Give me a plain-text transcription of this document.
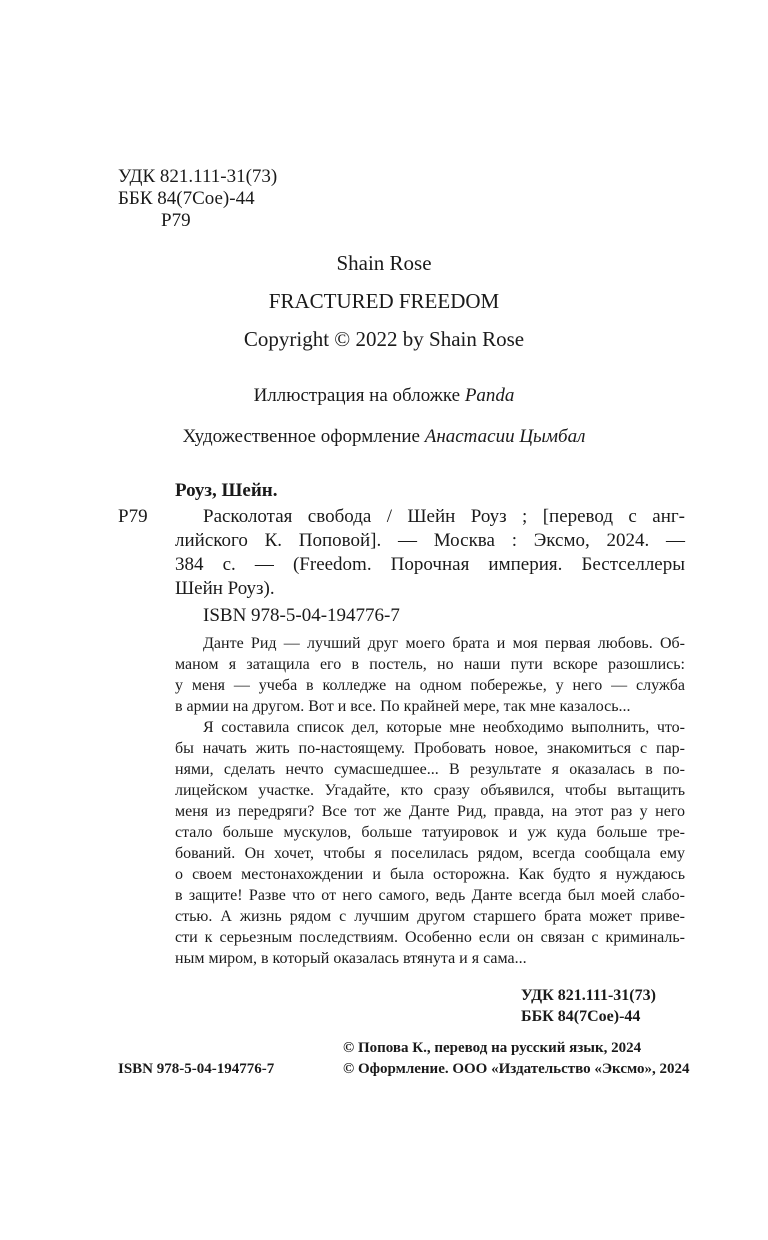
УДК 821.111-31(73)
ББК 84(7Сое)-44
Р79
Shain Rose
FRACTURED FREEDOM
Copyright © 2022 by Shain Rose
Иллюстрация на обложке Panda
Художественное оформление Анастасии Цымбал
Роуз, Шейн.
Р79	Расколотая свобода / Шейн Роуз ; [перевод с анг-
лийского К. Поповой]. — Москва : Эксмо, 2024. —
384 с. — (Freedom. Порочная империя. Бестселлеры
Шейн Роуз).
ISBN 978-5-04-194776-7
Данте Рид — лучший друг моего брата и моя первая любовь. Об-
маном я затащила его в постель, но наши пути вскоре разошлись:
у меня — учеба в колледже на одном побережье, у него — служба
в армии на другом. Вот и все. По крайней мере, так мне казалось...
Я составила список дел, которые мне необходимо выполнить, что-
бы начать жить по-настоящему. Пробовать новое, знакомиться с пар-
нями, сделать нечто сумасшедшее... В результате я оказалась в по-
лицейском участке. Угадайте, кто сразу объявился, чтобы вытащить
меня из передряги? Все тот же Данте Рид, правда, на этот раз у него
стало больше мускулов, больше татуировок и уж куда больше тре-
бований. Он хочет, чтобы я поселилась рядом, всегда сообщала ему
о своем местонахождении и была осторожна. Как будто я нуждаюсь
в защите! Разве что от него самого, ведь Данте всегда был моей слабо-
стью. А жизнь рядом с лучшим другом старшего брата может приве-
сти к серьезным последствиям. Особенно если он связан с криминаль-
ным миром, в который оказалась втянута и я сама...
УДК 821.111-31(73)
ББК 84(7Сое)-44
ISBN 978-5-04-194776-7
© Попова К., перевод на русский язык, 2024
© Оформление. ООО «Издательство «Эксмо», 2024
